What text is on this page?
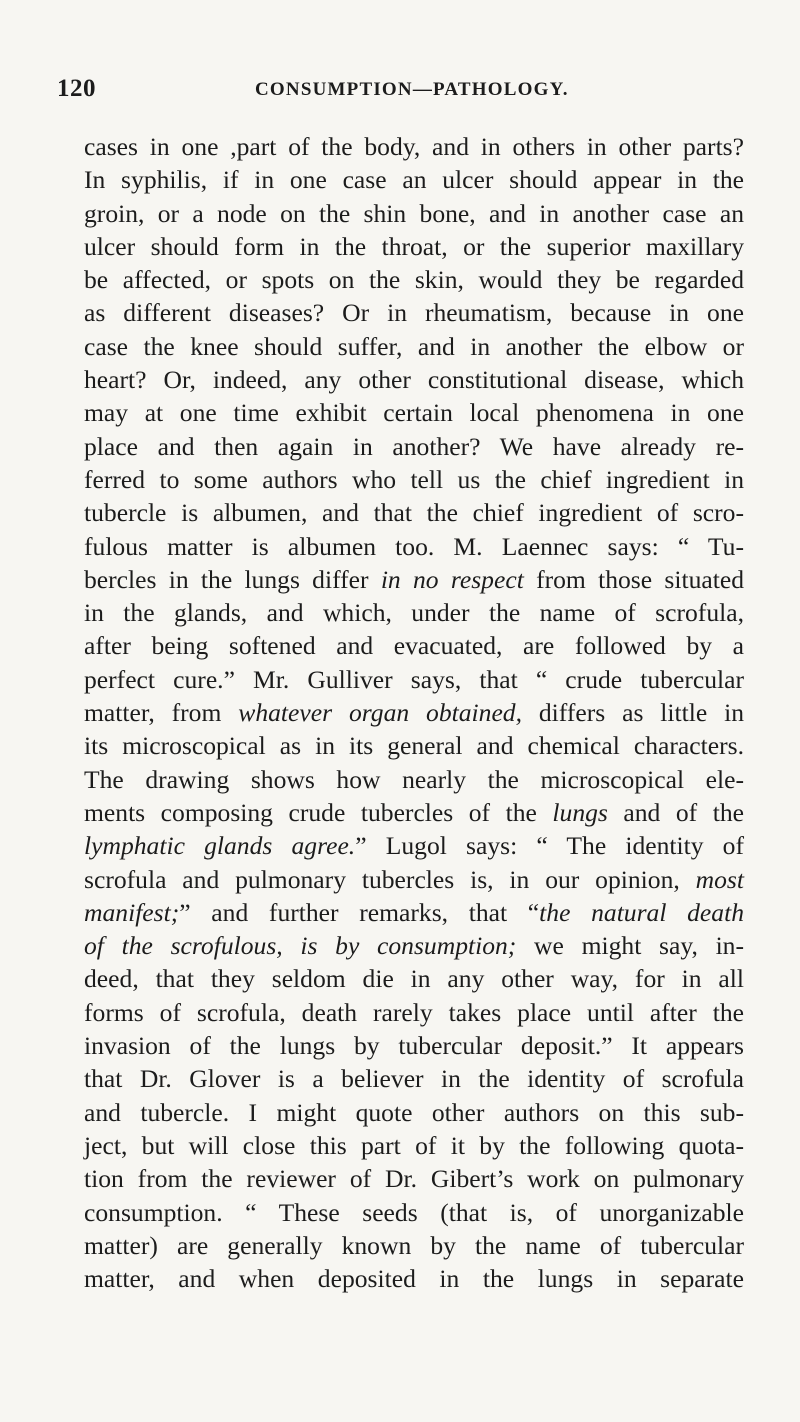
120	CONSUMPTION—PATHOLOGY.
cases in one ,part of the body, and in others in other parts?
In syphilis, if in one case an ulcer should appear in the
groin, or a node on the shin bone, and in another case an
ulcer should form in the throat, or the superior maxillary
be affected, or spots on the skin, would they be regarded
as different diseases? Or in rheumatism, because in one
case the knee should suffer, and in another the elbow or
heart? Or, indeed, any other constitutional disease, which
may at one time exhibit certain local phenomena in one
place and then again in another? We have already re-
ferred to some authors who tell us the chief ingredient in
tubercle is albumen, and that the chief ingredient of scro-
fulous matter is albumen too. M. Laennec says: “ Tu-
bercles in the lungs differ in no respect from those situated
in the glands, and which, under the name of scrofula,
after being softened and evacuated, are followed by a
perfect cure.” Mr. Gulliver says, that “ crude tubercular
matter, from whatever organ obtained, differs as little in
its microscopical as in its general and chemical characters.
The drawing shows how nearly the microscopical ele-
ments composing crude tubercles of the lungs and of the
lymphatic glands agree.” Lugol says: “ The identity of
scrofula and pulmonary tubercles is, in our opinion, most
manifest;” and further remarks, that “the natural death
of the scrofulous, is by consumption; we might say, in-
deed, that they seldom die in any other way, for in all
forms of scrofula, death rarely takes place until after the
invasion of the lungs by tubercular deposit.” It appears
that Dr. Glover is a believer in the identity of scrofula
and tubercle. I might quote other authors on this sub-
ject, but will close this part of it by the following quota-
tion from the reviewer of Dr. Gibert’s work on pulmonary
consumption. “ These seeds (that is, of unorganizable
matter) are generally known by the name of tubercular
matter, and when deposited in the lungs in separate
